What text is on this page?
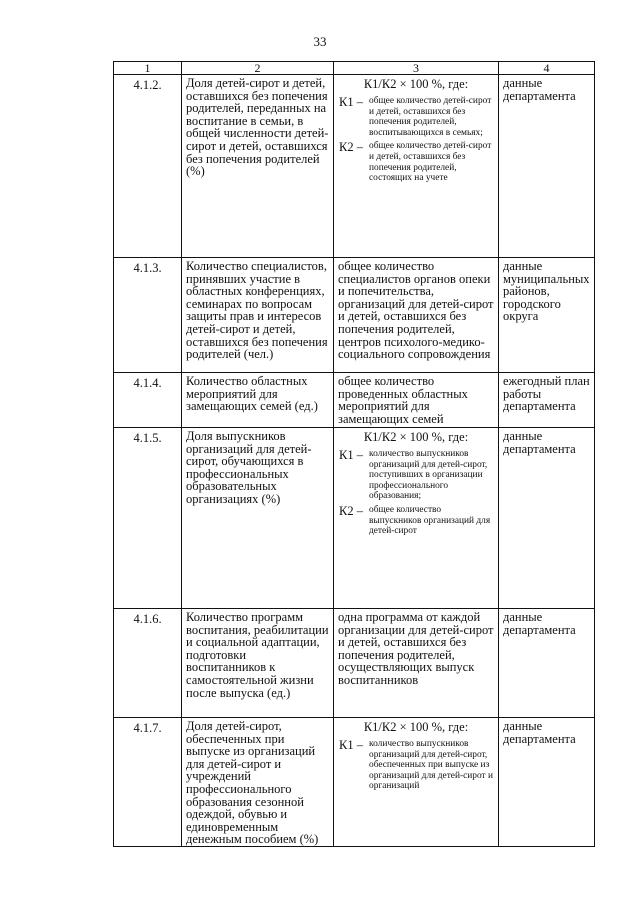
33
1	2	3	4
4.1.2.	Доля детей-сирот и детей, оставшихся без попечения родителей, переданных на воспитание в семьи, в общей численности детей-сирот и детей, оставшихся без попечения родителей (%)	К1/К2 × 100 %, где:
К1 – общее количество детей-сирот и детей, оставшихся без попечения родителей, воспитывающихся в семьях;
К2 – общее количество детей-сирот и детей, оставшихся без попечения родителей, состоящих на учете	данные департамента
4.1.3.	Количество специалистов, принявших участие в областных конференциях, семинарах по вопросам защиты прав и интересов детей-сирот и детей, оставшихся без попечения родителей (чел.)	общее количество специалистов органов опеки и попечительства, организаций для детей-сирот и детей, оставшихся без попечения родителей, центров психолого-медико-социального сопровождения	данные муниципальных районов, городского округа
4.1.4.	Количество областных мероприятий для замещающих семей (ед.)	общее количество проведенных областных мероприятий для замещающих семей	ежегодный план работы департамента
4.1.5.	Доля выпускников организаций для детей-сирот, обучающихся в профессиональных образовательных организациях (%)	К1/К2 × 100 %, где:
К1 – количество выпускников организаций для детей-сирот, поступивших в организации профессионального образования;
К2 – общее количество выпускников организаций для детей-сирот	данные департамента
4.1.6.	Количество программ воспитания, реабилитации и социальной адаптации, подготовки воспитанников к самостоятельной жизни после выпуска (ед.)	одна программа от каждой организации для детей-сирот и детей, оставшихся без попечения родителей, осуществляющих выпуск воспитанников	данные департамента
4.1.7.	Доля детей-сирот, обеспеченных при выпуске из организаций для детей-сирот и учреждений профессионального образования сезонной одеждой, обувью и единовременным денежным пособием (%)	К1/К2 × 100 %, где:
К1 – количество выпускников организаций для детей-сирот, обеспеченных при выпуске из организаций для детей-сирот и организаций	данные департамента
